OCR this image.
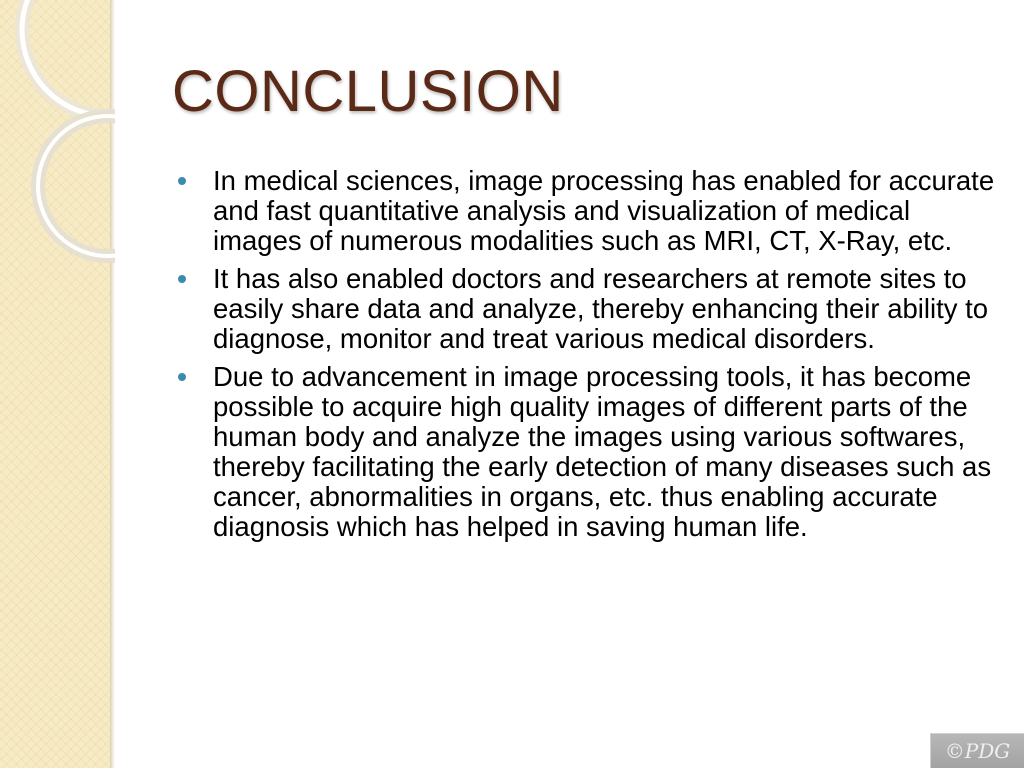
CONCLUSION
In medical sciences, image processing has enabled for accurate and fast quantitative analysis and visualization of medical images of numerous modalities such as MRI, CT, X-Ray, etc.
It has also enabled doctors and researchers at remote sites to easily share data and analyze, thereby enhancing their ability to diagnose, monitor and treat various medical disorders.
Due to advancement in image processing tools, it has become possible to acquire high quality images of different parts of the human body and analyze the images using various softwares, thereby facilitating the early detection of many diseases such as cancer, abnormalities in organs, etc. thus enabling accurate diagnosis which has helped in saving human life.
©PDG
